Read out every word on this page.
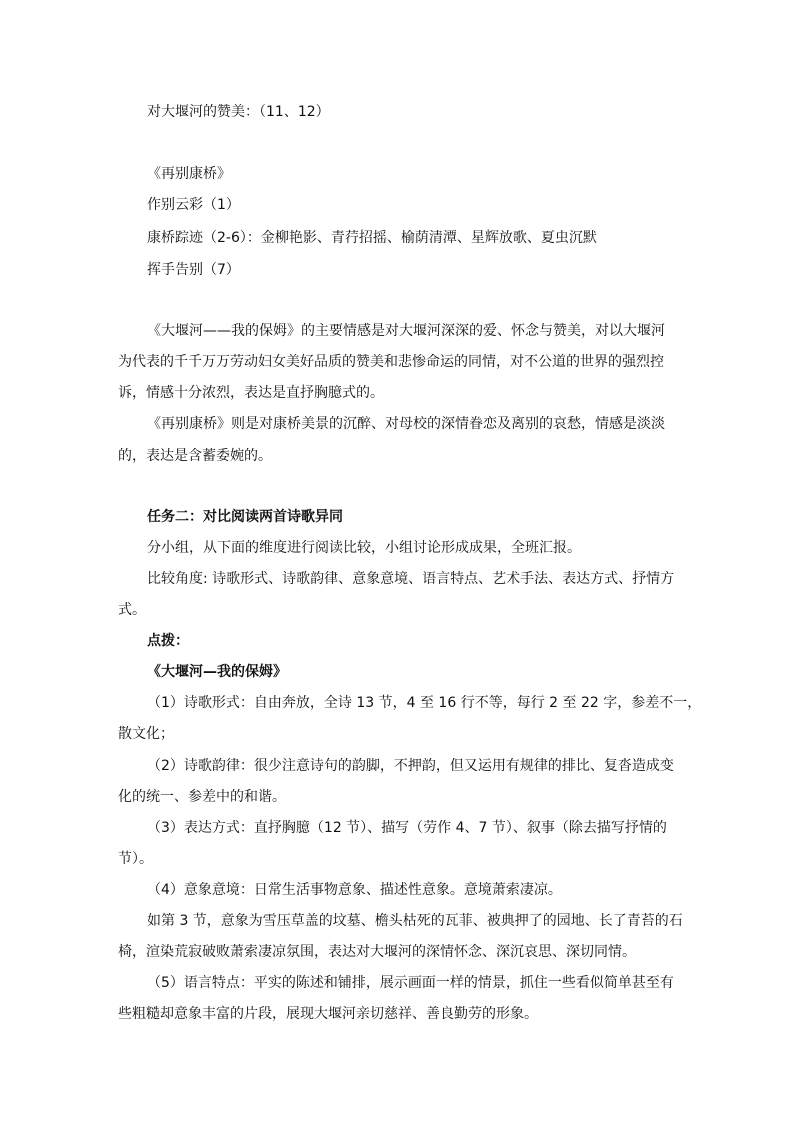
对大堰河的赞美：（11、12）

《再别康桥》

作别云彩（1）

康桥踪迹（2-6）：金柳艳影、青荇招摇、榆荫清潭、星辉放歌、夏虫沉默

挥手告别（7）

《大堰河——我的保姆》的主要情感是对大堰河深深的爱、怀念与赞美，对以大堰河

为代表的千千万万劳动妇女美好品质的赞美和悲惨命运的同情，对不公道的世界的强烈控

诉，情感十分浓烈，表达是直抒胸臆式的。

《再别康桥》则是对康桥美景的沉醉、对母校的深情眷恋及离别的哀愁，情感是淡淡

的，表达是含蓄委婉的。

任务二：对比阅读两首诗歌异同

分小组，从下面的维度进行阅读比较，小组讨论形成成果，全班汇报。

比较角度: 诗歌形式、诗歌韵律、意象意境、语言特点、艺术手法、表达方式、抒情方

式。

点拨：

《大堰河—我的保姆》

（1）诗歌形式：自由奔放，全诗 13 节，4 至 16 行不等，每行 2 至 22 字，参差不一，

散文化；

（2）诗歌韵律：很少注意诗句的韵脚，不押韵，但又运用有规律的排比、复沓造成变

化的统一、参差中的和谐。

（3）表达方式：直抒胸臆（12 节）、描写（劳作 4、7 节）、叙事（除去描写抒情的

节）。

（4）意象意境：日常生活事物意象、描述性意象。意境萧索凄凉。

如第 3 节，意象为雪压草盖的坟墓、檐头枯死的瓦菲、被典押了的园地、长了青苔的石

椅，渲染荒寂破败萧索凄凉氛围，表达对大堰河的深情怀念、深沉哀思、深切同情。

（5）语言特点：平实的陈述和铺排，展示画面一样的情景，抓住一些看似简单甚至有

些粗糙却意象丰富的片段，展现大堰河亲切慈祥、善良勤劳的形象。
